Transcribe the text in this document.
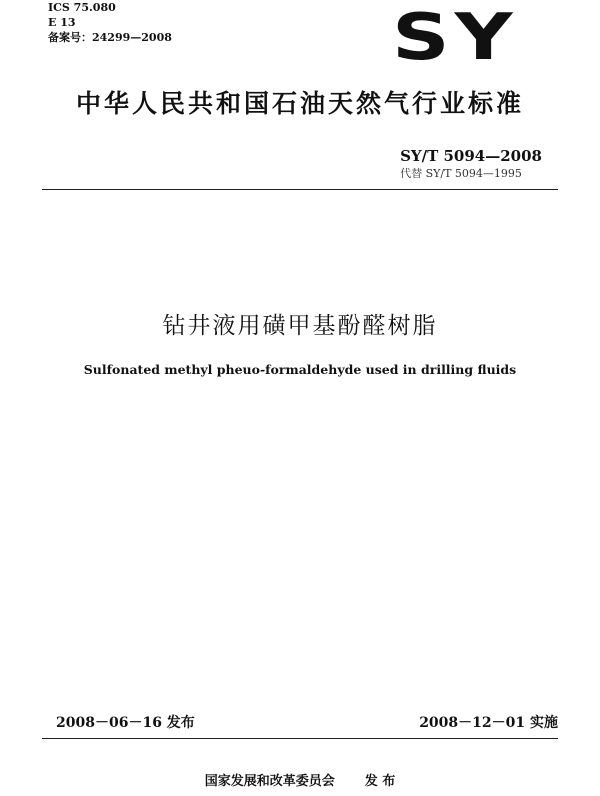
ICS 75.080
E 13
备案号：24299—2008	SY
中华人民共和国石油天然气行业标准
SY/T 5094—2008
代替 SY/T 5094—1995
钻井液用磺甲基酚醛树脂
Sulfonated methyl pheuo-formaldehyde used in drilling fluids
2008－06－16 发布	2008－12－01 实施
国家发展和改革委员会 发 布
